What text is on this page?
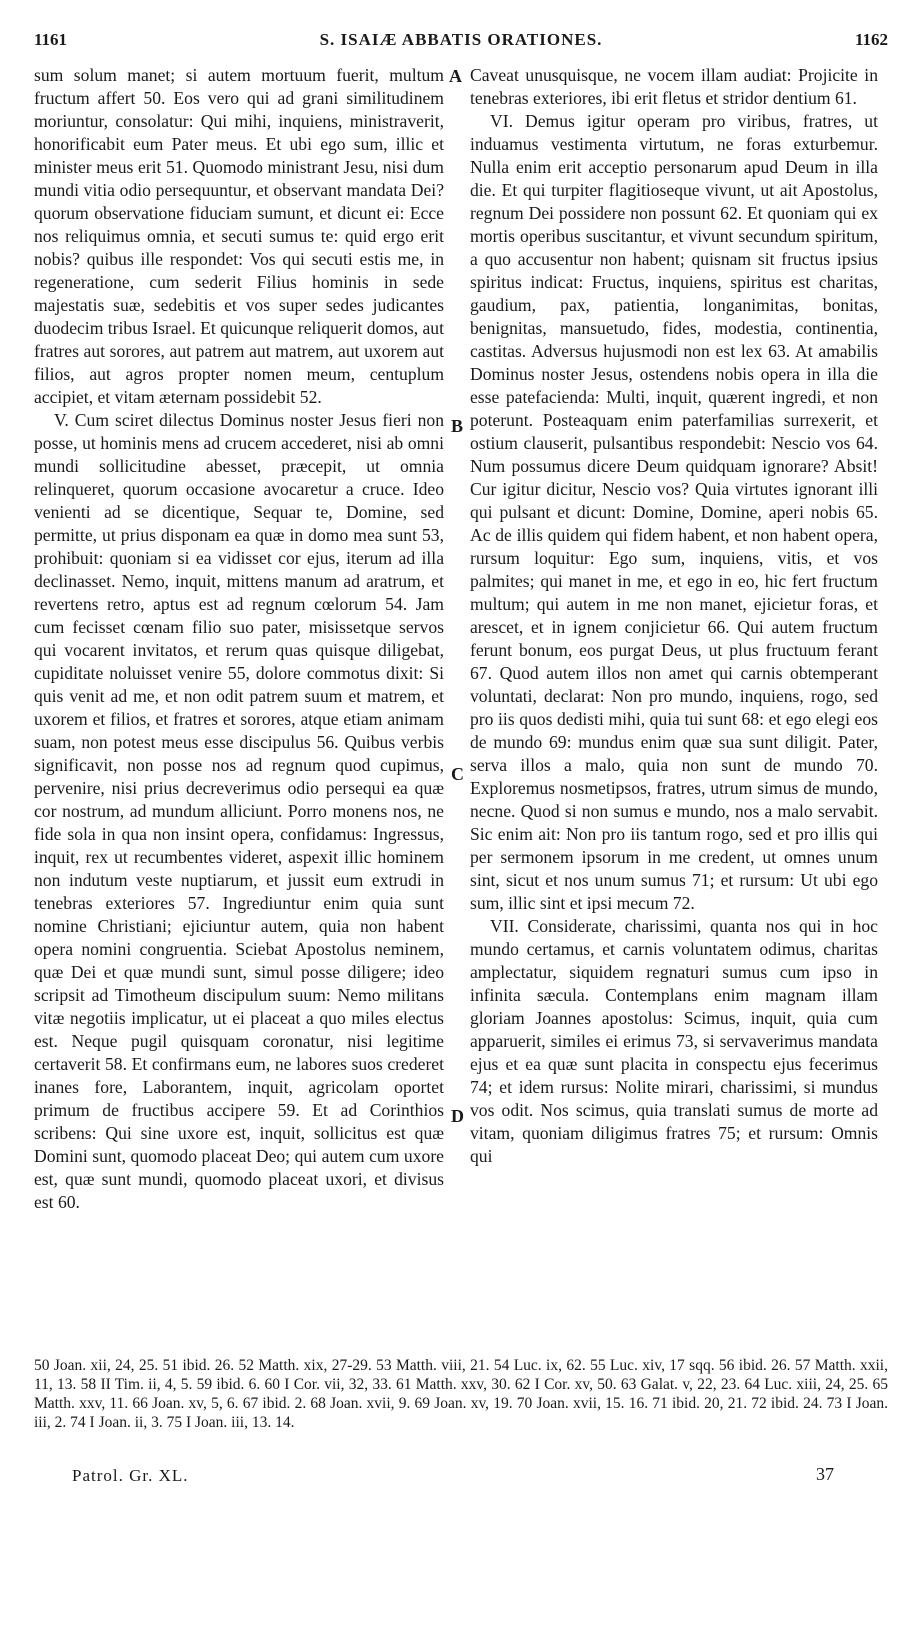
1161	S. ISAIÆ ABBATIS ORATIONES.	1162

sum solum manet; si autem mortuum fuerit, multum fructum affert 50. Eos vero qui ad grani similitudinem moriuntur, consolatur: Qui mihi, inquiens, ministraverit, honorificabit eum Pater meus. Et ubi ego sum, illic et minister meus erit 51. Quomodo ministrant Jesu, nisi dum mundi vitia odio persequuntur, et observant mandata Dei? quorum observatione fiduciam sumunt, et dicunt ei: Ecce nos reliquimus omnia, et secuti sumus te: quid ergo erit nobis? quibus ille respondet: Vos qui secuti estis me, in regeneratione, cum sederit Filius hominis in sede majestatis suæ, sedebitis et vos super sedes judicantes duodecim tribus Israel. Et quicunque reliquerit domos, aut fratres aut sorores, aut patrem aut matrem, aut uxorem aut filios, aut agros propter nomen meum, centuplum accipiet, et vitam æternam possidebit 52.

V. Cum sciret dilectus Dominus noster Jesus fieri non posse, ut hominis mens ad crucem accederet, nisi ab omni mundi sollicitudine abesset, præcepit, ut omnia relinqueret, quorum occasione avocaretur a cruce. Ideo venienti ad se dicentique, Sequar te, Domine, sed permitte, ut prius disponam ea quæ in domo mea sunt 53, prohibuit: quoniam si ea vidisset cor ejus, iterum ad illa declinasset. Nemo, inquit, mittens manum ad aratrum, et revertens retro, aptus est ad regnum cœlorum 54. Jam cum fecisset cœnam filio suo pater, misissetque servos qui vocarent invitatos, et rerum quas quisque diligebat, cupiditate noluisset venire 55, dolore commotus dixit: Si quis venit ad me, et non odit patrem suum et matrem, et uxorem et filios, et fratres et sorores, atque etiam animam suam, non potest meus esse discipulus 56. Quibus verbis significavit, non posse nos ad regnum quod cupimus, pervenire, nisi prius decreverimus odio persequi ea quæ cor nostrum, ad mundum alliciunt. Porro monens nos, ne fide sola in qua non insint opera, confidamus: Ingressus, inquit, rex ut recumbentes videret, aspexit illic hominem non indutum veste nuptiarum, et jussit eum extrudi in tenebras exteriores 57. Ingrediuntur enim quia sunt nomine Christiani; ejiciuntur autem, quia non habent opera nomini congruentia. Sciebat Apostolus neminem, quæ Dei et quæ mundi sunt, simul posse diligere; ideo scripsit ad Timotheum discipulum suum: Nemo militans vitæ negotiis implicatur, ut ei placeat a quo miles electus est. Neque pugil quisquam coronatur, nisi legitime certaverit 58. Et confirmans eum, ne labores suos crederet inanes fore, Laborantem, inquit, agricolam oportet primum de fructibus accipere 59. Et ad Corinthios scribens: Qui sine uxore est, inquit, sollicitus est quæ Domini sunt, quomodo placeat Deo; qui autem cum uxore est, quæ sunt mundi, quomodo placeat uxori, et divisus est 60.

A
B
C
D

Caveat unusquisque, ne vocem illam audiat: Projicite in tenebras exteriores, ibi erit fletus et stridor dentium 61.

VI. Demus igitur operam pro viribus, fratres, ut induamus vestimenta virtutum, ne foras exturbemur. Nulla enim erit acceptio personarum apud Deum in illa die. Et qui turpiter flagitioseque vivunt, ut ait Apostolus, regnum Dei possidere non possunt 62. Et quoniam qui ex mortis operibus suscitantur, et vivunt secundum spiritum, a quo accusentur non habent; quisnam sit fructus ipsius spiritus indicat: Fructus, inquiens, spiritus est charitas, gaudium, pax, patientia, longanimitas, bonitas, benignitas, mansuetudo, fides, modestia, continentia, castitas. Adversus hujusmodi non est lex 63. At amabilis Dominus noster Jesus, ostendens nobis opera in illa die esse patefacienda: Multi, inquit, quærent ingredi, et non poterunt. Posteaquam enim paterfamilias surrexerit, et ostium clauserit, pulsantibus respondebit: Nescio vos 64. Num possumus dicere Deum quidquam ignorare? Absit! Cur igitur dicitur, Nescio vos? Quia virtutes ignorant illi qui pulsant et dicunt: Domine, Domine, aperi nobis 65. Ac de illis quidem qui fidem habent, et non habent opera, rursum loquitur: Ego sum, inquiens, vitis, et vos palmites; qui manet in me, et ego in eo, hic fert fructum multum; qui autem in me non manet, ejicietur foras, et arescet, et in ignem conjicietur 66. Qui autem fructum ferunt bonum, eos purgat Deus, ut plus fructuum ferant 67. Quod autem illos non amet qui carnis obtemperant voluntati, declarat: Non pro mundo, inquiens, rogo, sed pro iis quos dedisti mihi, quia tui sunt 68: et ego elegi eos de mundo 69: mundus enim quæ sua sunt diligit. Pater, serva illos a malo, quia non sunt de mundo 70. Exploremus nosmetipsos, fratres, utrum simus de mundo, necne. Quod si non sumus e mundo, nos a malo servabit. Sic enim ait: Non pro iis tantum rogo, sed et pro illis qui per sermonem ipsorum in me credent, ut omnes unum sint, sicut et nos unum sumus 71; et rursum: Ut ubi ego sum, illic sint et ipsi mecum 72.

VII. Considerate, charissimi, quanta nos qui in hoc mundo certamus, et carnis voluntatem odimus, charitas amplectatur, siquidem regnaturi sumus cum ipso in infinita sæcula. Contemplans enim magnam illam gloriam Joannes apostolus: Scimus, inquit, quia cum apparuerit, similes ei erimus 73, si servaverimus mandata ejus et ea quæ sunt placita in conspectu ejus fecerimus 74; et idem rursus: Nolite mirari, charissimi, si mundus vos odit. Nos scimus, quia translati sumus de morte ad vitam, quoniam diligimus fratres 75; et rursum: Omnis qui

50 Joan. xii, 24, 25. 51 ibid. 26. 52 Matth. xix, 27-29. 53 Matth. viii, 21. 54 Luc. ix, 62. 55 Luc. xiv, 17 sqq. 56 ibid. 26. 57 Matth. xxii, 11, 13. 58 II Tim. ii, 4, 5. 59 ibid. 6. 60 I Cor. vii, 32, 33. 61 Matth. xxv, 30. 62 I Cor. xv, 50. 63 Galat. v, 22, 23. 64 Luc. xiii, 24, 25. 65 Matth. xxv, 11. 66 Joan. xv, 5, 6. 67 ibid. 2. 68 Joan. xvii, 9. 69 Joan. xv, 19. 70 Joan. xvii, 15. 16. 71 ibid. 20, 21. 72 ibid. 24. 73 I Joan. iii, 2. 74 I Joan. ii, 3. 75 I Joan. iii, 13. 14.

Patrol. Gr. XL.	37
